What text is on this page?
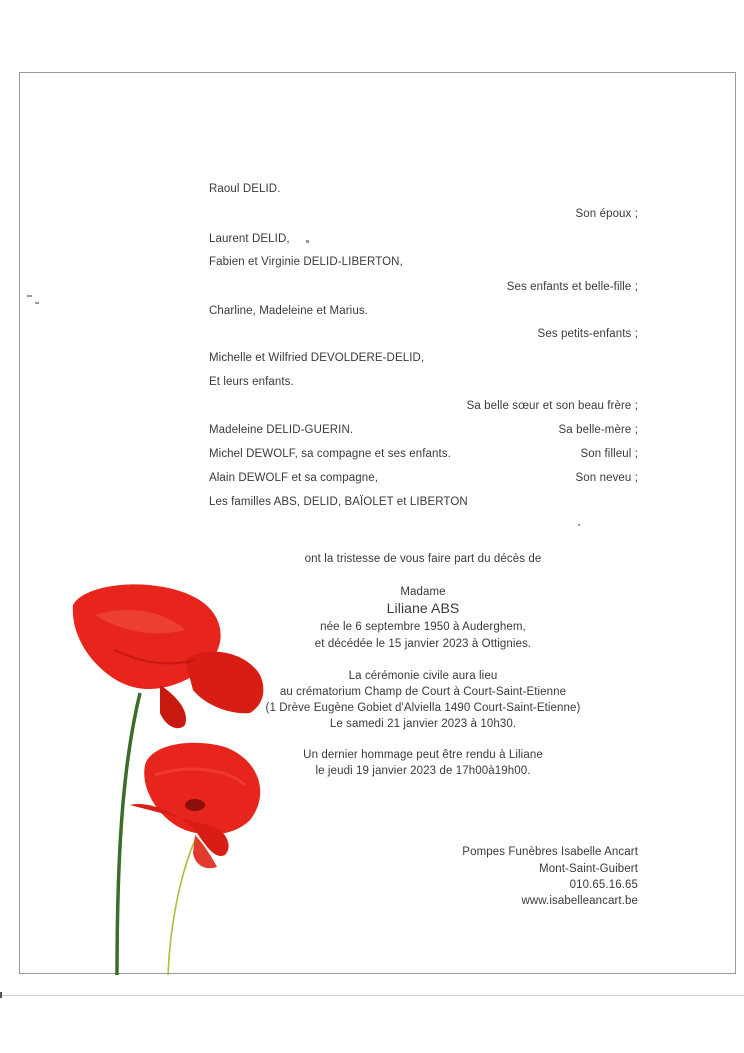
Raoul DELID.
Son époux ;
Laurent DELID,
Fabien et Virginie DELID-LIBERTON,
Ses enfants et belle-fille ;
Charline, Madeleine et Marius.
Ses petits-enfants ;
Michelle et Wilfried DEVOLDERE-DELID,
Et leurs enfants.
Sa belle sœur et son beau frère ;
Madeleine DELID-GUERIN.	Sa belle-mère ;
Michel DEWOLF, sa compagne et ses enfants.	Son filleul ;
Alain DEWOLF et sa compagne,	Son neveu ;
Les familles ABS, DELID, BAÏOLET et LIBERTON
ont la tristesse de vous faire part du décès de
Madame
Liliane ABS
née le 6 septembre 1950 à Auderghem,
et décédée le 15 janvier 2023 à Ottignies.
La cérémonie civile aura lieu
au crématorium Champ de Court à Court-Saint-Etienne
(1 Drève Eugène Gobiet d'Alviella 1490 Court-Saint-Etienne)
Le samedi 21 janvier 2023 à 10h30.
Un dernier hommage peut être rendu à Liliane
le jeudi 19 janvier 2023 de 17h00à19h00.
Pompes Funèbres Isabelle Ancart
Mont-Saint-Guibert
010.65.16.65
www.isabelleancart.be
